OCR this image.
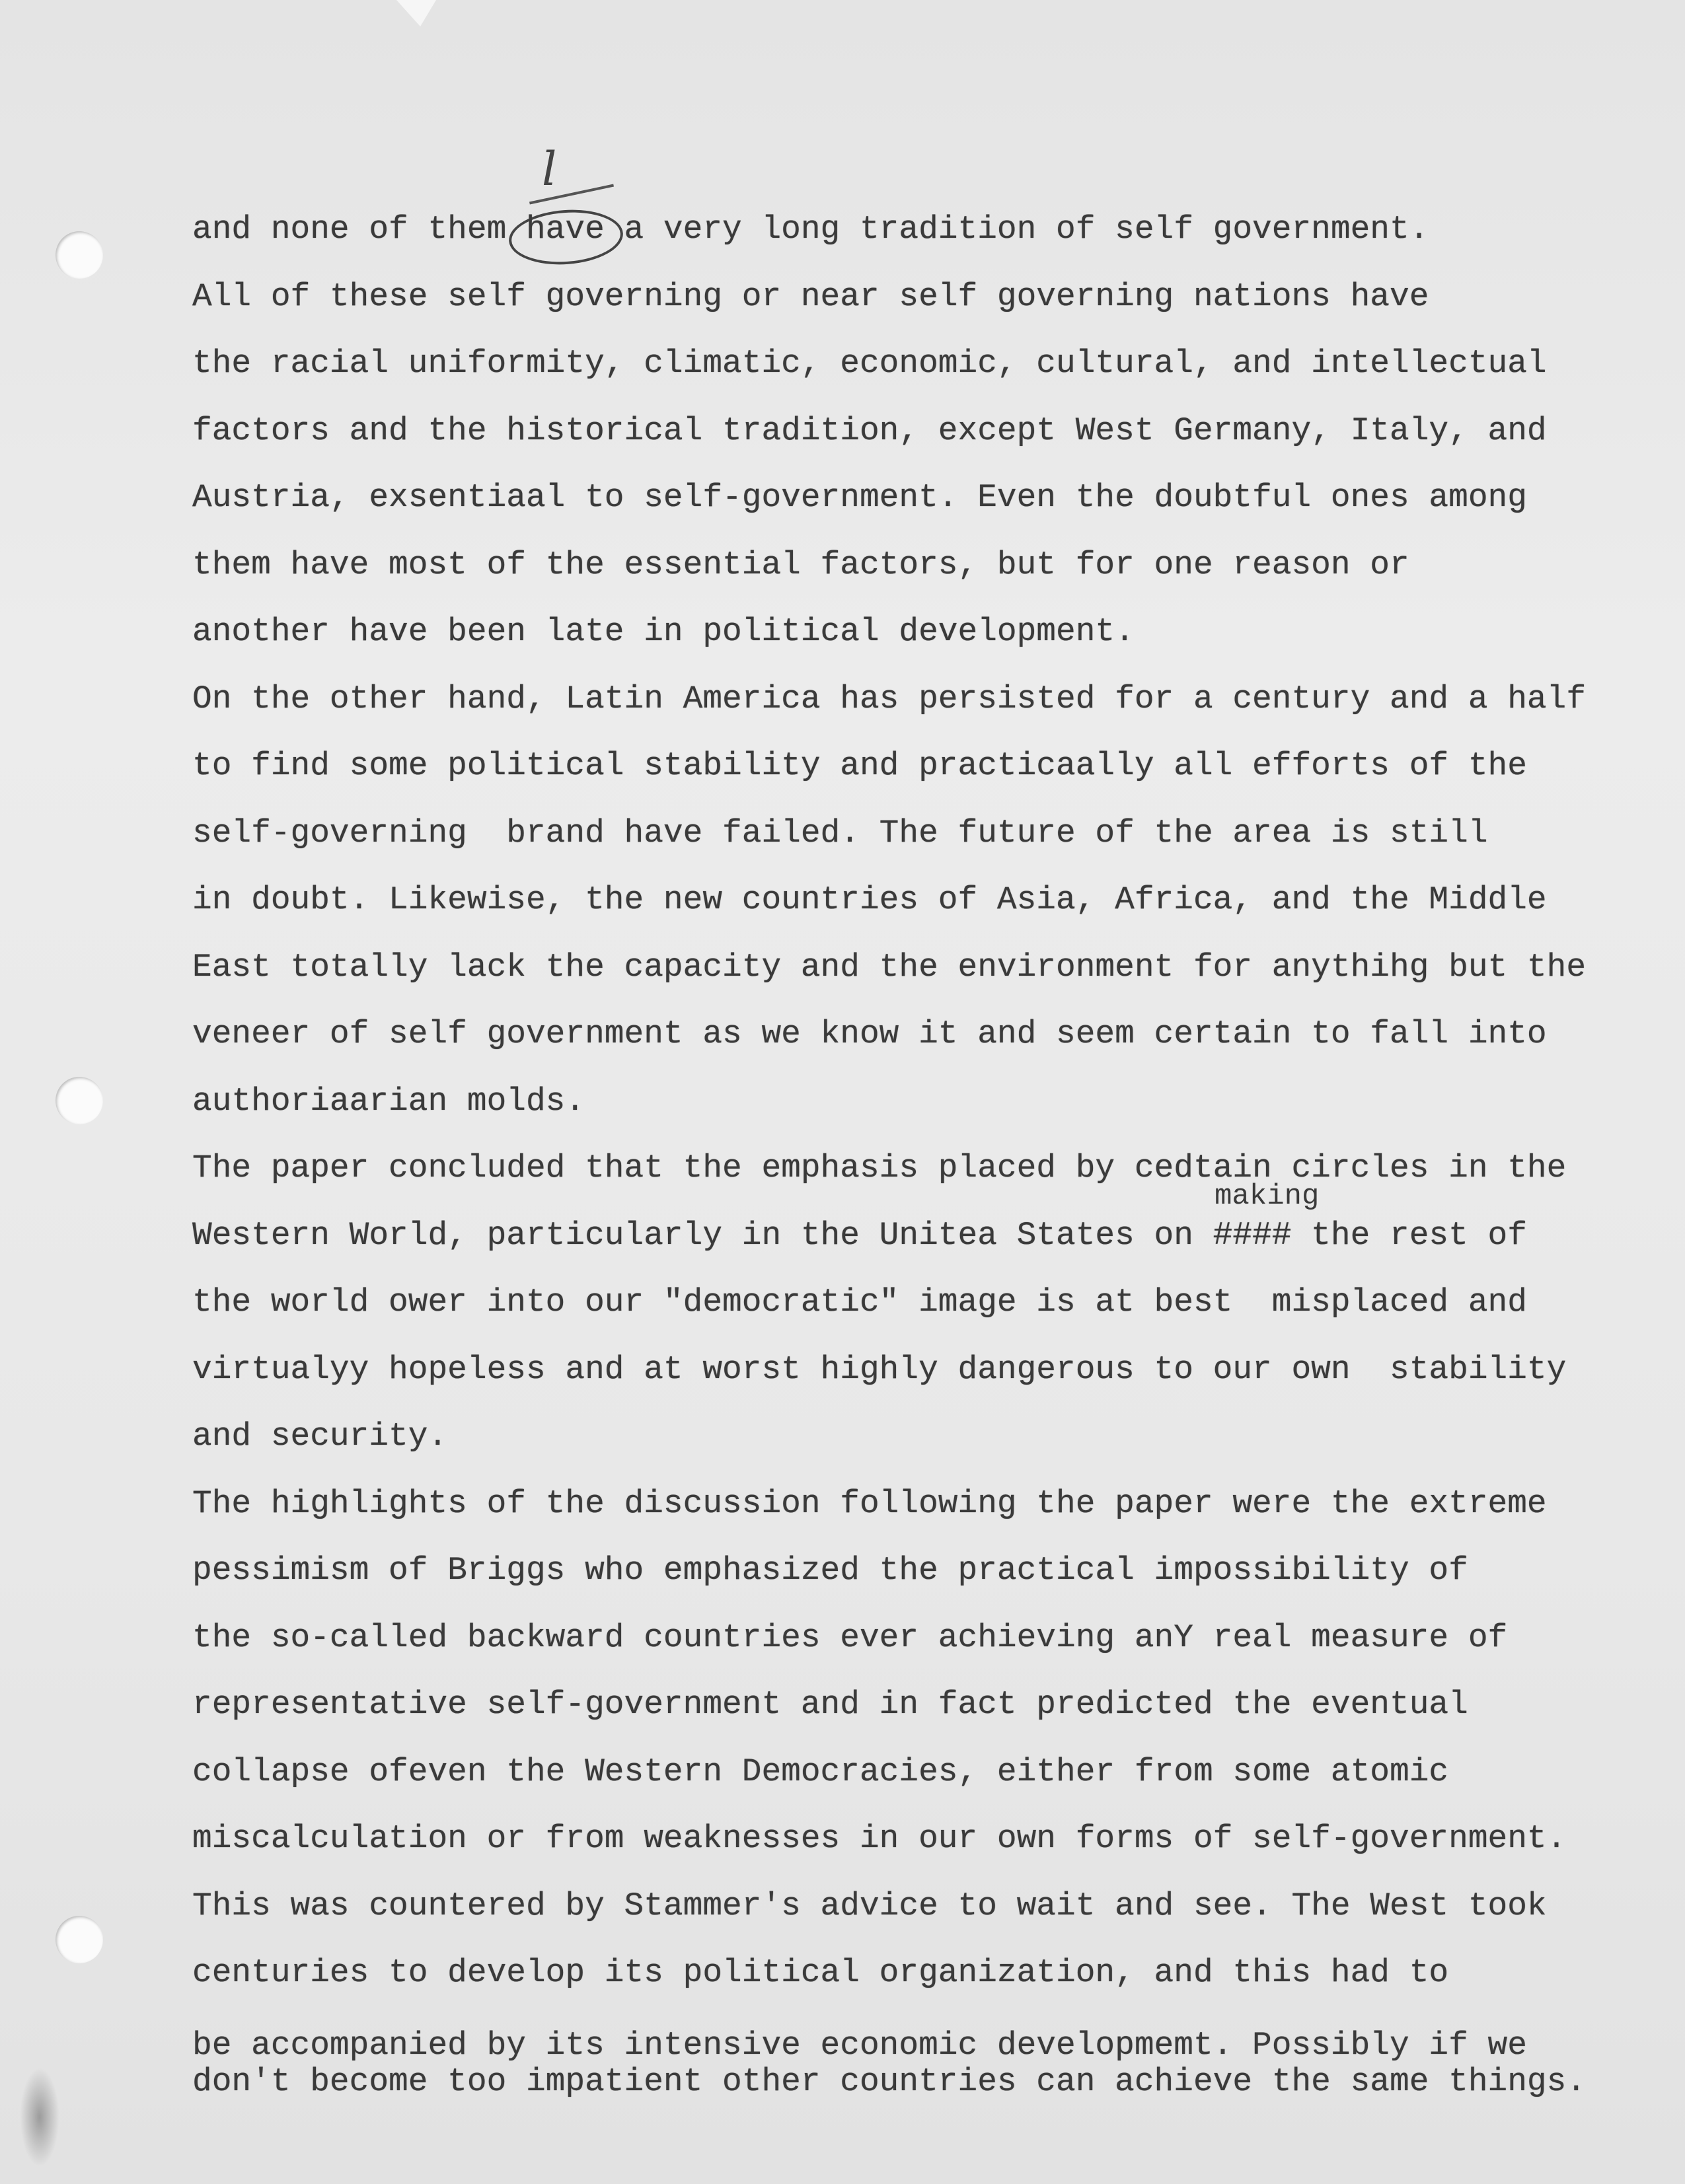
l
and none of them have a very long tradition of self government.
All of these self governing or near self governing nations have
the racial uniformity, climatic, economic, cultural, and intellectual
factors and the historical tradition, except West Germany, Italy, and
Austria, exsentiaal to self-government. Even the doubtful ones among
them have most of the essential factors, but for one reason or
another have been late in political development.
On the other hand, Latin America has persisted for a century and a half
to find some political stability and practicaally all efforts of the
self-governing  brand have failed. The future of the area is still
in doubt. Likewise, the new countries of Asia, Africa, and the Middle
East totally lack the capacity and the environment for anythihg but the
veneer of self government as we know it and seem certain to fall into
authoriaarian molds.
The paper concluded that the emphasis placed by cedtain circles in the
Western World, particularly in the Unitea States on #### the rest of
the world ower into our "democratic" image is at best  misplaced and
virtualyy hopeless and at worst highly dangerous to our own  stability
and security.
The highlights of the discussion following the paper were the extreme
pessimism of Briggs who emphasized the practical impossibility of
the so-called backward countries ever achieving anY real measure of
representative self-government and in fact predicted the eventual
collapse ofeven the Western Democracies, either from some atomic
miscalculation or from weaknesses in our own forms of self-government.
This was countered by Stammer's advice to wait and see. The West took
centuries to develop its political organization, and this had to
be accompanied by its intensive economic developmemt. Possibly if we
don't become too impatient other countries can achieve the same things.
making
